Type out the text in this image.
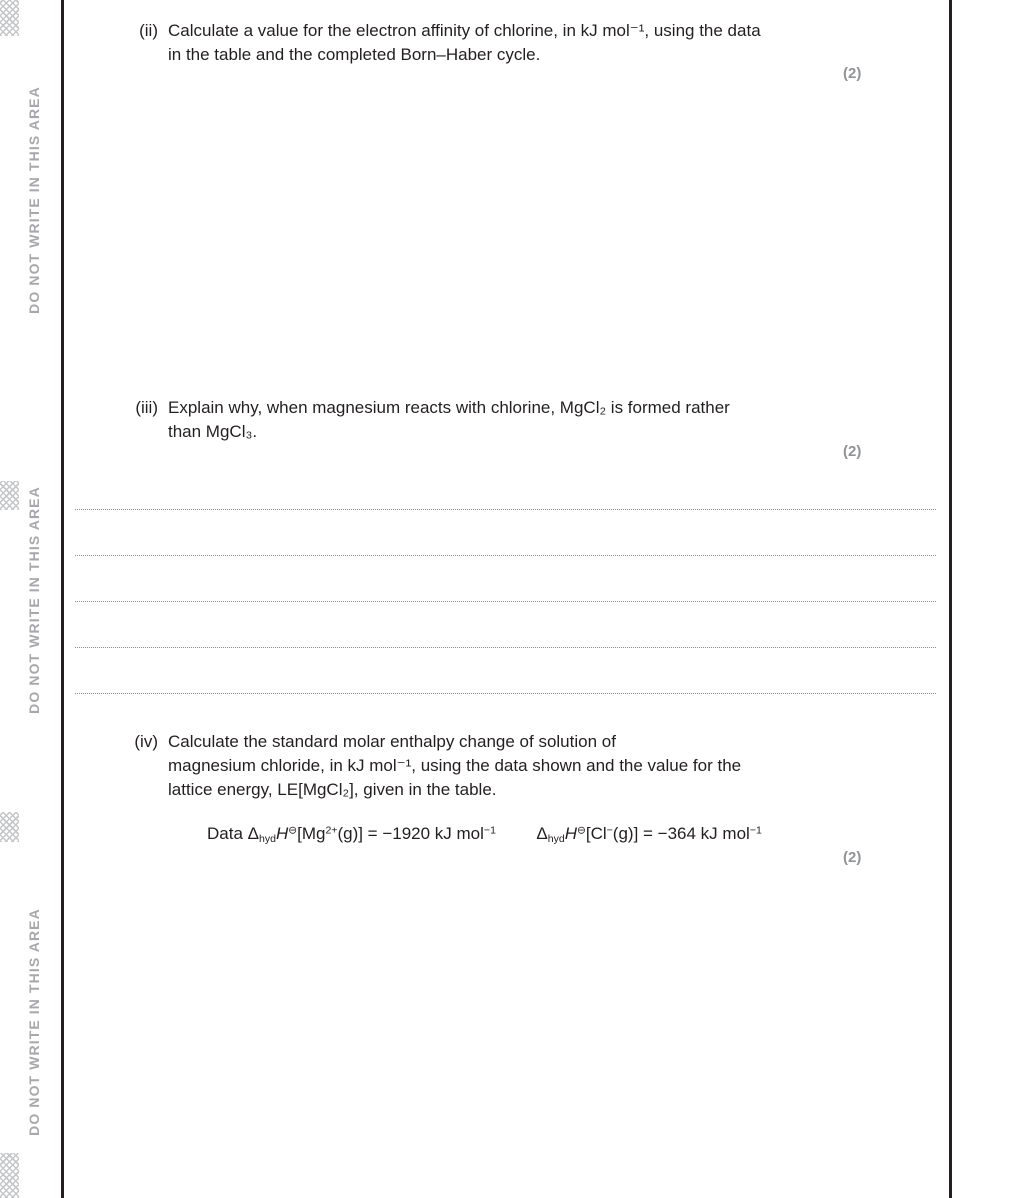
DO NOT WRITE IN THIS AREA
DO NOT WRITE IN THIS AREA
DO NOT WRITE IN THIS AREA
(ii) Calculate a value for the electron affinity of chlorine, in kJ mol⁻¹, using the data
in the table and the completed Born–Haber cycle.
(2)
(iii) Explain why, when magnesium reacts with chlorine, MgCl₂ is formed rather
than MgCl₃.
(2)
(iv) Calculate the standard molar enthalpy change of solution of
magnesium chloride, in kJ mol⁻¹, using the data shown and the value for the
lattice energy, LE[MgCl₂], given in the table.
Data $\Delta_{hyd}H^⊖[Mg^{2+}(g)] = -1920$ kJ mol$^{-1}$ $\Delta_{hyd}H^⊖[Cl^-(g)] = -364$ kJ mol$^{-1}$
(2)
